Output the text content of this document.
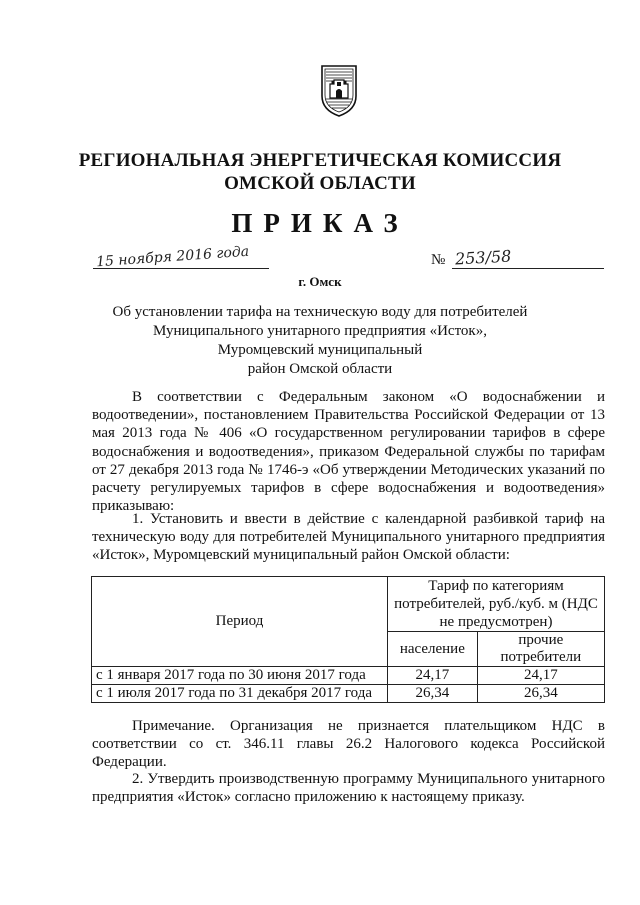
РЕГИОНАЛЬНАЯ ЭНЕРГЕТИЧЕСКАЯ КОМИССИЯ
ОМСКОЙ ОБЛАСТИ
ПРИКАЗ
15 ноября 2016 года
г. Омск
№ 253/58
Об установлении тарифа на техническую воду для потребителей
Муниципального унитарного предприятия «Исток»,
Муромцевский муниципальный
район Омской области
В соответствии с Федеральным законом «О водоснабжении и водоотведении», постановлением Правительства Российской Федерации от 13 мая 2013 года № 406 «О государственном регулировании тарифов в сфере водоснабжения и водоотведения», приказом Федеральной службы по тарифам от 27 декабря 2013 года № 1746-э «Об утверждении Методических указаний по расчету регулируемых тарифов в сфере водоснабжения и водоотведения» приказываю:
1. Установить и ввести в действие с календарной разбивкой тариф на техническую воду для потребителей Муниципального унитарного предприятия «Исток», Муромцевский муниципальный район Омской области:
Период	Тариф по категориям потребителей, руб./куб. м (НДС не предусмотрен)	
	население	прочие потребители
с 1 января 2017 года по 30 июня 2017 года	24,17	24,17
с 1 июля 2017 года по 31 декабря 2017 года	26,34	26,34
Примечание. Организация не признается плательщиком НДС в соответствии со ст. 346.11 главы 26.2 Налогового кодекса Российской Федерации.
2. Утвердить производственную программу Муниципального унитарного предприятия «Исток» согласно приложению к настоящему приказу.
